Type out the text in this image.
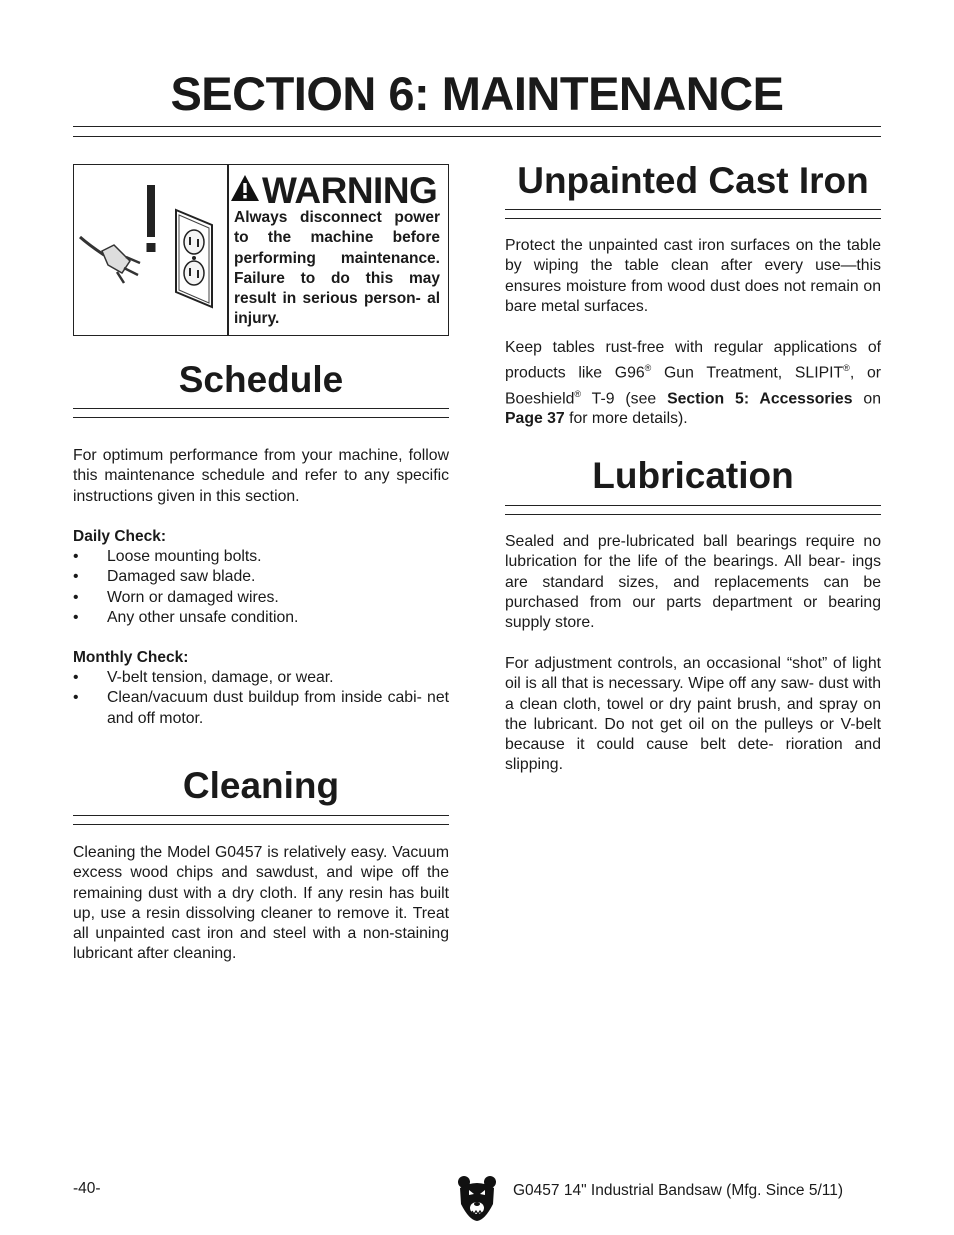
SECTION 6: MAINTENANCE
WARNING

Always disconnect power to the machine before performing maintenance. Failure to do this may result in serious person- al injury.

Schedule

For optimum performance from your machine, follow this maintenance schedule and refer to any specific instructions given in this section.

Daily Check:

• Loose mounting bolts.
• Damaged saw blade.
• Worn or damaged wires.
• Any other unsafe condition.

Monthly Check:

• V-belt tension, damage, or wear.
• Clean/vacuum dust buildup from inside cabi- net and off motor.
Cleaning

Cleaning the Model G0457 is relatively easy. Vacuum excess wood chips and sawdust, and wipe off the remaining dust with a dry cloth. If any resin has built up, use a resin dissolving cleaner to remove it. Treat all unpainted cast iron and steel with a non-staining lubricant after cleaning.

Unpainted Cast Iron

Protect the unpainted cast iron surfaces on the table by wiping the table clean after every use—this ensures moisture from wood dust does not remain on bare metal surfaces.

Keep tables rust-free with regular applications of products like G96® Gun Treatment, SLIPIT®, or Boeshield® T-9 (see Section 5: Accessories on Page 37 for more details).

Lubrication

Sealed and pre-lubricated ball bearings require no lubrication for the life of the bearings. All bear- ings are standard sizes, and replacements can be purchased from our parts department or bearing supply store.

For adjustment controls, an occasional “shot” of light oil is all that is necessary. Wipe off any saw- dust with a clean cloth, towel or dry paint brush, and spray on the lubricant. Do not get oil on the pulleys or V-belt because it could cause belt dete- rioration and slipping.

-40-	G0457 14" Industrial Bandsaw (Mfg. Since 5/11)
